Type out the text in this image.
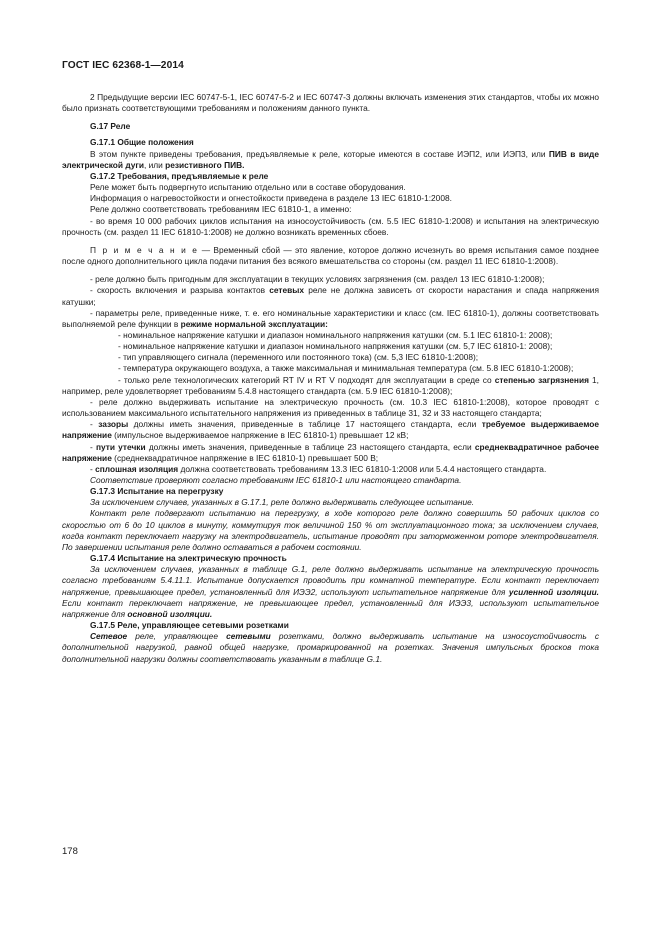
ГОСТ IEC 62368-1—2014

2 Предыдущие версии IEC 60747-5-1, IEC 60747-5-2 и IEC 60747-3 должны включать изменения этих стандартов, чтобы их можно было признать соответствующими требованиям и положениям данного пункта.

G.17 Реле

G.17.1 Общие положения

В этом пункте приведены требования, предъявляемые к реле, которые имеются в составе ИЭП2, или ИЭП3, или ПИВ в виде электрической дуги, или резистивного ПИВ.

G.17.2 Требования, предъявляемые к реле

Реле может быть подвергнуто испытанию отдельно или в составе оборудования.

Информация о нагревостойкости и огнестойкости приведена в разделе 13 IEC 61810-1:2008.

Реле должно соответствовать требованиям IEC 61810-1, а именно:

- во время 10 000 рабочих циклов испытания на износоустойчивость (см. 5.5 IEC 61810-1:2008) и испытания на электрическую прочность (см. раздел 11 IEC 61810-1:2008) не должно возникать временных сбоев.

П р и м е ч а н и е — Временный сбой — это явление, которое должно исчезнуть во время испытания самое позднее после одного дополнительного цикла подачи питания без всякого вмешательства со стороны (см. раздел 11 IEC 61810-1:2008).

- реле должно быть пригодным для эксплуатации в текущих условиях загрязнения (см. раздел 13 IEC 61810-1:2008);

- скорость включения и разрыва контактов сетевых реле не должна зависеть от скорости нарастания и спада напряжения катушки;

- параметры реле, приведенные ниже, т. е. его номинальные характеристики и класс (см. IEC 61810-1), должны соответствовать выполняемой реле функции в режиме нормальной эксплуатации:

- номинальное напряжение катушки и диапазон номинального напряжения катушки (см. 5.1 IEC 61810-1: 2008);

- номинальное напряжение катушки и диапазон номинального напряжения катушки (см. 5,7 IEC 61810-1: 2008);

- тип управляющего сигнала (переменного или постоянного тока) (см. 5,3 IEC 61810-1:2008);

- температура окружающего воздуха, а также максимальная и минимальная температура (см. 5.8 IEC 61810-1:2008);

- только реле технологических категорий RT IV и RT V подходят для эксплуатации в среде со степенью загрязнения 1, например, реле удовлетворяет требованиям 5.4.8 настоящего стандарта (см. 5.9 IEC 61810-1:2008);

- реле должно выдерживать испытание на электрическую прочность (см. 10.3 IEC 61810-1:2008), которое проводят с использованием максимального испытательного напряжения из приведенных в таблице 31, 32 и 33 настоящего стандарта;

- зазоры должны иметь значения, приведенные в таблице 17 настоящего стандарта, если требуемое выдерживаемое напряжение (импульсное выдерживаемое напряжение в IEC 61810-1) превышает 12 кВ;

- пути утечки должны иметь значения, приведенные в таблице 23 настоящего стандарта, если среднеквадратичное рабочее напряжение (среднеквадратичное напряжение в IEC 61810-1) превышает 500 В;

- сплошная изоляция должна соответствовать требованиям 13.3 IEC 61810-1:2008 или 5.4.4 настоящего стандарта.

Соответствие проверяют согласно требованиям IEC 61810-1 или настоящего стандарта.

G.17.3 Испытание на перегрузку

За исключением случаев, указанных в G.17.1, реле должно выдерживать следующее испытание.

Контакт реле подвергают испытанию на перегрузку, в ходе которого реле должно совершить 50 рабочих циклов со скоростью от 6 до 10 циклов в минуту, коммутируя ток величиной 150 % от эксплуатационного тока; за исключением случаев, когда контакт переключает нагрузку на электродвигатель, испытание проводят при заторможенном роторе электродвигателя. По завершении испытания реле должно оставаться в рабочем состоянии.

G.17.4 Испытание на электрическую прочность

За исключением случаев, указанных в таблице G.1, реле должно выдерживать испытание на электрическую прочность согласно требованиям 5.4.11.1. Испытание допускается проводить при комнатной температуре. Если контакт переключает напряжение, превышающее предел, установленный для ИЭЭ2, используют испытательное напряжение для усиленной изоляции. Если контакт переключает напряжение, не превышающее предел, установленный для ИЭЭ3, используют испытательное напряжение для основной изоляции.

G.17.5 Реле, управляющее сетевыми розетками

Сетевое реле, управляющее сетевыми розетками, должно выдерживать испытание на износоустойчивость с дополнительной нагрузкой, равной общей нагрузке, промаркированной на розетках. Значения импульсных бросков тока дополнительной нагрузки должны соответствовать указанным в таблице G.1.

178
